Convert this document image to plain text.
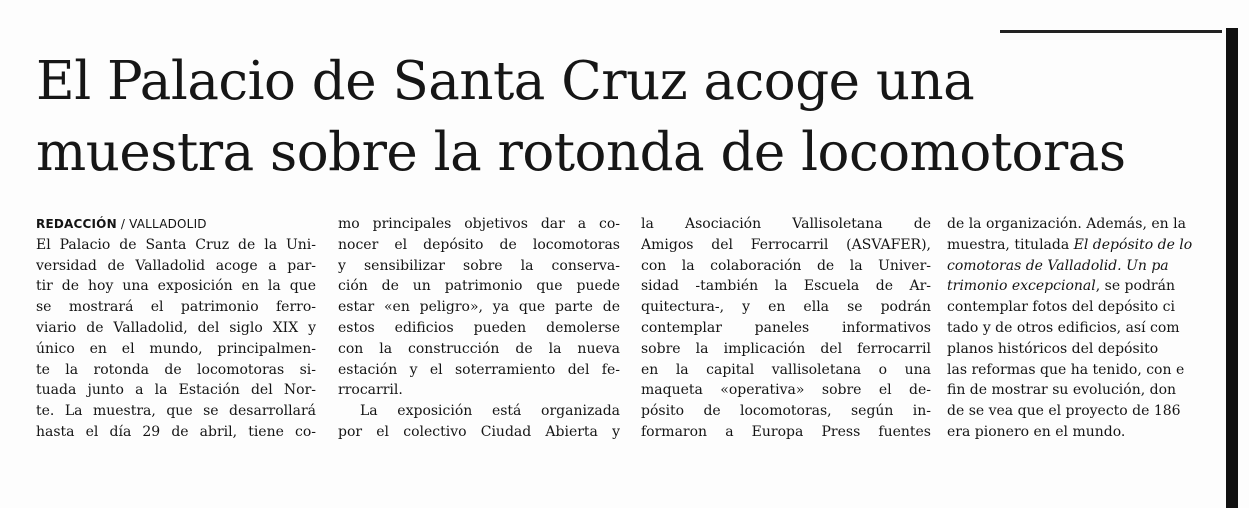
El Palacio de Santa Cruz acoge una
muestra sobre la rotonda de locomotoras
REDACCIÓN / VALLADOLID
El Palacio de Santa Cruz de la Uni-
versidad de Valladolid acoge a par-
tir de hoy una exposición en la que
se mostrará el patrimonio ferro-
viario de Valladolid, del siglo XIX y
único en el mundo, principalmen-
te la rotonda de locomotoras si-
tuada junto a la Estación del Nor-
te. La muestra, que se desarrollará
hasta el día 29 de abril, tiene co-
mo principales objetivos dar a co-
nocer el depósito de locomotoras
y sensibilizar sobre la conserva-
ción de un patrimonio que puede
estar «en peligro», ya que parte de
estos edificios pueden demolerse
con la construcción de la nueva
estación y el soterramiento del fe-
rrocarril.
La exposición está organizada
por el colectivo Ciudad Abierta y
la Asociación Vallisoletana de
Amigos del Ferrocarril (ASVAFER),
con la colaboración de la Univer-
sidad -también la Escuela de Ar-
quitectura-, y en ella se podrán
contemplar paneles informativos
sobre la implicación del ferrocarril
en la capital vallisoletana o una
maqueta «operativa» sobre el de-
pósito de locomotoras, según in-
formaron a Europa Press fuentes
de la organización. Además, en la
muestra, titulada El depósito de lo
comotoras de Valladolid. Un pa
trimonio excepcional, se podrán
contemplar fotos del depósito ci
tado y de otros edificios, así com
planos históricos del depósito
las reformas que ha tenido, con e
fin de mostrar su evolución, don
de se vea que el proyecto de 186
era pionero en el mundo.
